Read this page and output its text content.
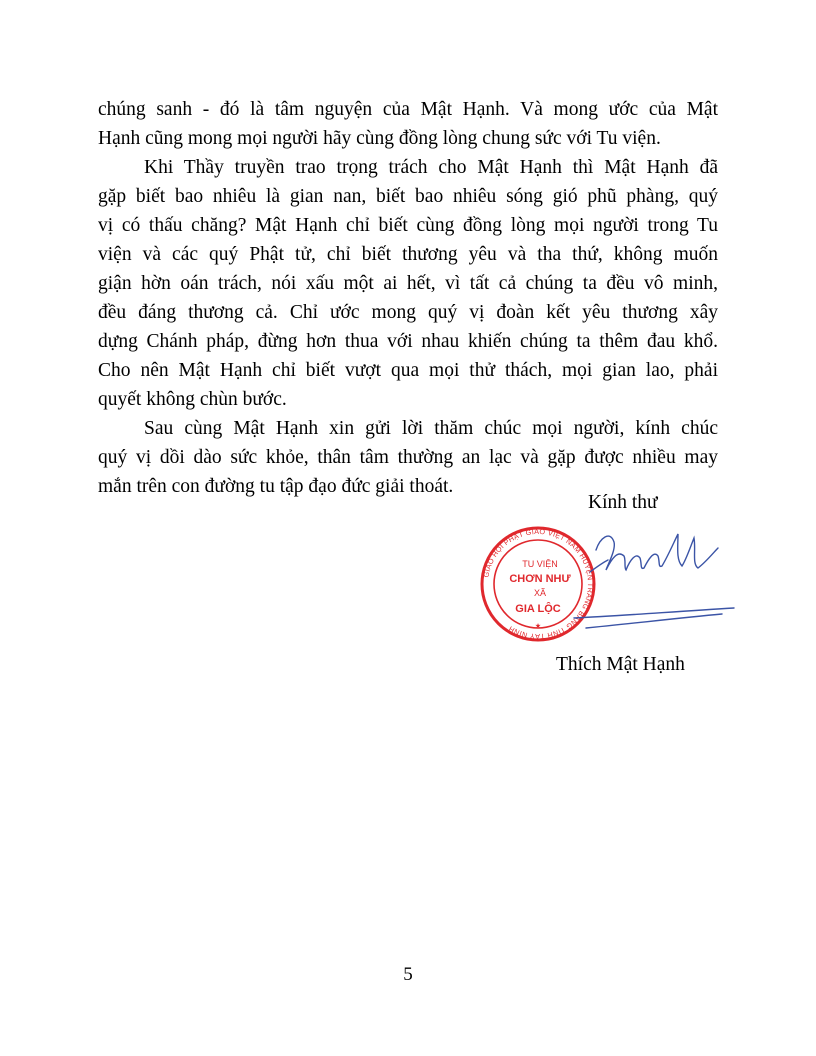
chúng sanh - đó là tâm nguyện của Mật Hạnh. Và mong ước của Mật
Hạnh cũng mong mọi người hãy cùng đồng lòng chung sức với Tu viện.

Khi Thầy truyền trao trọng trách cho Mật Hạnh thì Mật Hạnh đã
gặp biết bao nhiêu là gian nan, biết bao nhiêu sóng gió phũ phàng, quý
vị có thấu chăng? Mật Hạnh chỉ biết cùng đồng lòng mọi người trong Tu
viện và các quý Phật tử, chỉ biết thương yêu và tha thứ, không muốn
giận hờn oán trách, nói xấu một ai hết, vì tất cả chúng ta đều vô minh,
đều đáng thương cả. Chỉ ước mong quý vị đoàn kết yêu thương xây
dựng Chánh pháp, đừng hơn thua với nhau khiến chúng ta thêm đau khổ.
Cho nên Mật Hạnh chỉ biết vượt qua mọi thử thách, mọi gian lao, phải
quyết không chùn bước.

Sau cùng Mật Hạnh xin gửi lời thăm chúc mọi người, kính chúc
quý vị dồi dào sức khỏe, thân tâm thường an lạc và gặp được nhiều may
mắn trên con đường tu tập đạo đức giải thoát.

Kính thư
GIÁO HỘI PHẬT GIÁO VIỆT NAM HUYỆN TRẢNG BÀNG TỈNH TÂY NINH
TU VIỆN
CHƠN NHƯ
XÃ
GIA LỘC
★
Thích Mật Hạnh
5
